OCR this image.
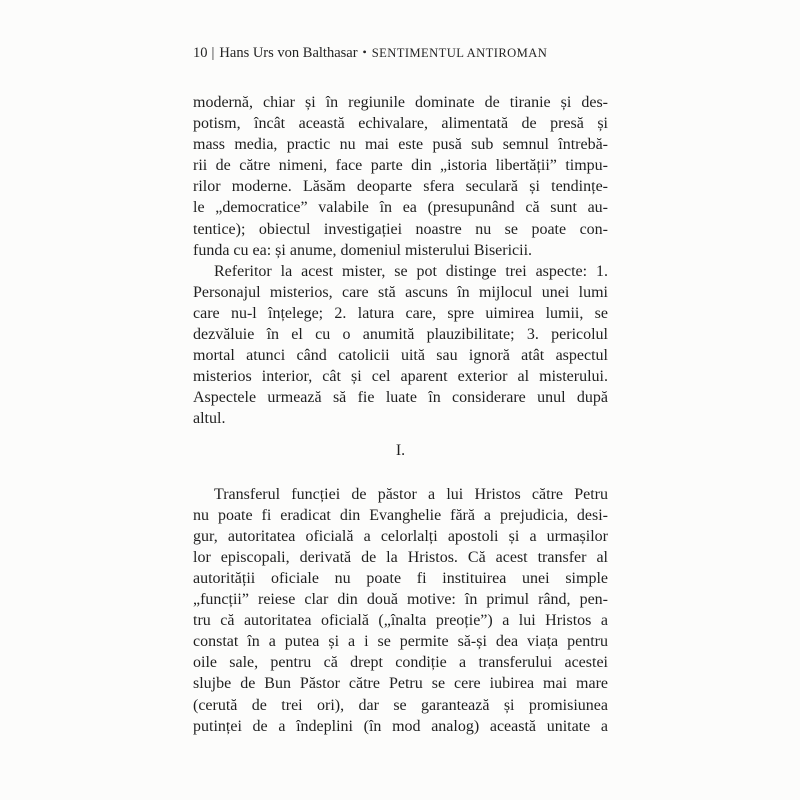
10 | Hans Urs von Balthasar • SENTIMENTUL ANTIROMAN
modernă, chiar și în regiunile dominate de tiranie și des-
potism, încât această echivalare, alimentată de presă și
mass media, practic nu mai este pusă sub semnul întrebă-
rii de către nimeni, face parte din „istoria libertății” timpu-
rilor moderne. Lăsăm deoparte sfera seculară și tendințe-
le „democratice” valabile în ea (presupunând că sunt au-
tentice); obiectul investigației noastre nu se poate con-
funda cu ea: și anume, domeniul misterului Bisericii.
Referitor la acest mister, se pot distinge trei aspecte: 1.
Personajul misterios, care stă ascuns în mijlocul unei lumi
care nu-l înțelege; 2. latura care, spre uimirea lumii, se
dezvăluie în el cu o anumită plauzibilitate; 3. pericolul
mortal atunci când catolicii uită sau ignoră atât aspectul
misterios interior, cât și cel aparent exterior al misterului.
Aspectele urmează să fie luate în considerare unul după
altul.
I.
Transferul funcției de păstor a lui Hristos către Petru
nu poate fi eradicat din Evanghelie fără a prejudicia, desi-
gur, autoritatea oficială a celorlalți apostoli și a urmașilor
lor episcopali, derivată de la Hristos. Că acest transfer al
autorității oficiale nu poate fi instituirea unei simple
„funcții” reiese clar din două motive: în primul rând, pen-
tru că autoritatea oficială („înalta preoție”) a lui Hristos a
constat în a putea și a i se permite să-și dea viața pentru
oile sale, pentru că drept condiție a transferului acestei
slujbe de Bun Păstor către Petru se cere iubirea mai mare
(cerută de trei ori), dar se garantează și promisiunea
putinței de a îndeplini (în mod analog) această unitate a
